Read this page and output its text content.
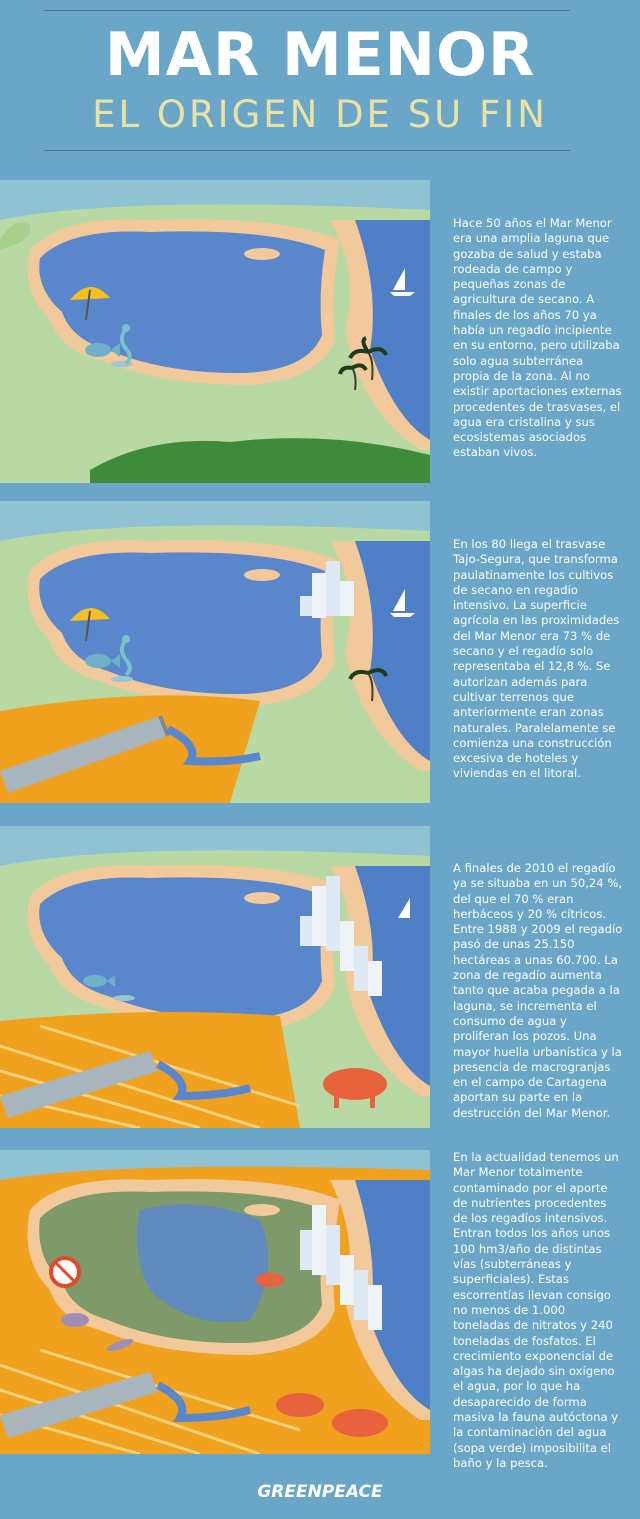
MAR MENOR
EL ORIGEN DE SU FIN
Hace 50 años el Mar Menor era una amplia laguna que gozaba de salud y estaba rodeada de campo y pequeñas zonas de agricultura de secano. A finales de los años 70 ya había un regadío incipiente en su entorno, pero utilizaba solo agua subterránea propia de la zona. Al no existir aportaciones externas procedentes de trasvases, el agua era cristalina y sus ecosistemas asociados estaban vivos.
En los 80 llega el trasvase Tajo-Segura, que transforma paulatinamente los cultivos de secano en regadío intensivo. La superficie agrícola en las proximidades del Mar Menor era 73 % de secano y el regadío solo representaba el 12,8 %. Se autorizan además para cultivar terrenos que anteriormente eran zonas naturales. Paralelamente se comienza una construcción excesiva de hoteles y viviendas en el litoral.
A finales de 2010 el regadío ya se situaba en un 50,24 %, del que el 70 % eran herbáceos y 20 % cítricos. Entre 1988 y 2009 el regadío pasó de unas 25.150 hectáreas a unas 60.700. La zona de regadío aumenta tanto que acaba pegada a la laguna, se incrementa el consumo de agua y proliferan los pozos. Una mayor huella urbanística y la presencia de macrogranjas en el campo de Cartagena aportan su parte en la destrucción del Mar Menor.
En la actualidad tenemos un Mar Menor totalmente contaminado por el aporte de nutrientes procedentes de los regadíos intensivos. Entran todos los años unos 100 hm3/año de distintas vías (subterráneas y superficiales). Estas escorrentías llevan consigo no menos de 1.000 toneladas de nitratos y 240 toneladas de fosfatos. El crecimiento exponencial de algas ha dejado sin oxígeno el agua, por lo que ha desaparecido de forma masiva la fauna autóctona y la contaminación del agua (sopa verde) imposibilita el baño y la pesca.
GREENPEACE
